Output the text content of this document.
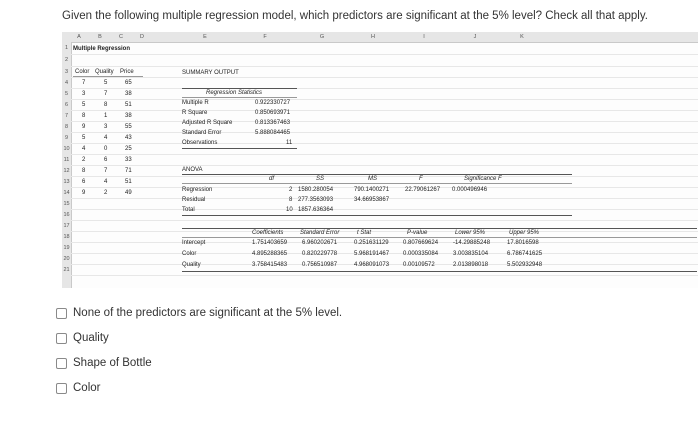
Given the following multiple regression model, which predictors are significant at the 5% level? Check all that apply.
A	B	C	D	E	F	G	H	I	J	K
1
2
3
4
5
6
7
8
9
10
11
12
13
14
15
16
17
18
19
20
21
Multiple Regression
Color Quality Price
7	5	65
3	7	38
5	8	51
8	1	38
9	3	55
5	4	43
4	0	25
2	6	33
8	7	71
6	4	51
9	2	49
SUMMARY OUTPUT
Regression Statistics
Multiple R	0.922330727
R Square	0.850693971
Adjusted R Square	0.813367463
Standard Error	5.888084465
Observations	11
ANOVA
df	SS	MS	F	Significance F
Regression	2 1580.280054	790.1400271	22.79061267 0.000496946
Residual	8 277.3563093	34.66953867
Total	10 1857.636364
Coefficients	Standard Error	t Stat	P-value	Lower 95%	Upper 95%
Intercept	1.751403659 6.960202671	0.251631129 0.807669624 -14.29885248	17.8016598
Color	4.895288365 0.820229778	5.968191467 0.000335084 3.003835104	6.786741625
Quality	3.758415483 0.756510987	4.968091073 0.00109572	2.013898018	5.502932948
None of the predictors are significant at the 5% level.
Quality
Shape of Bottle
Color
